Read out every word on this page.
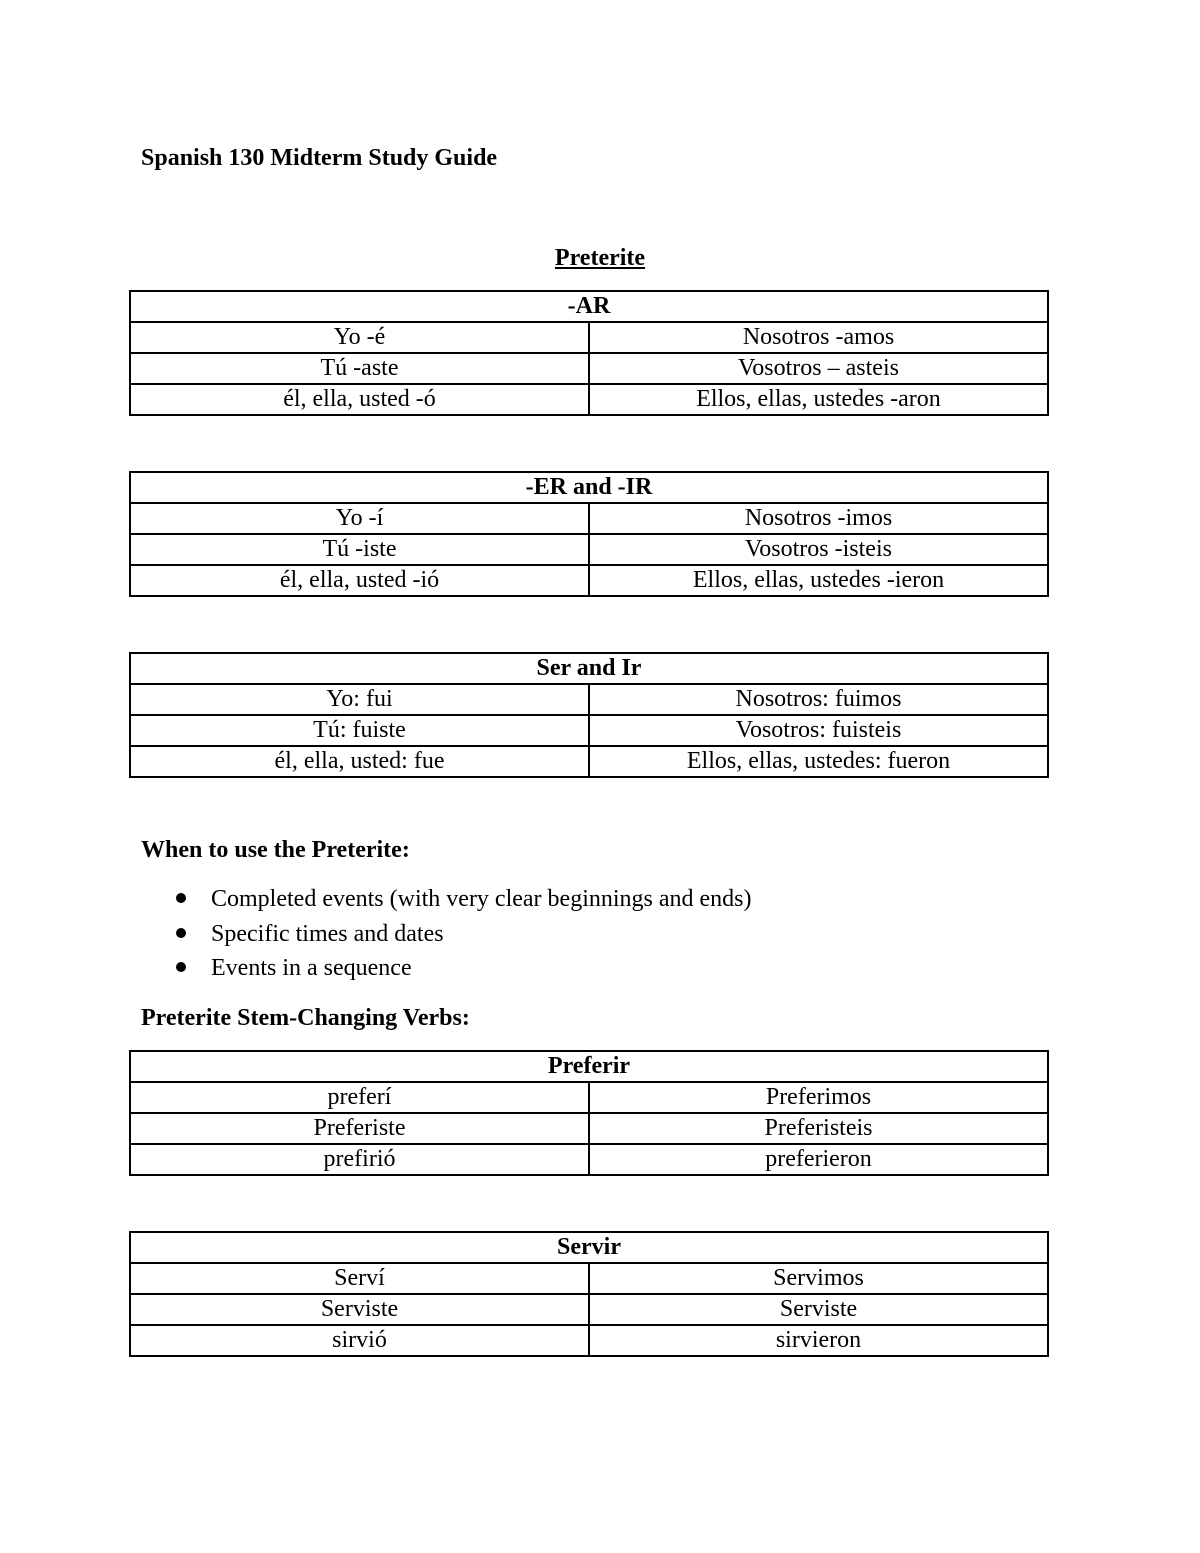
Spanish 130 Midterm Study Guide
Preterite
-AR	
Yo -é	Nosotros -amos
Tú -aste	Vosotros – asteis
él, ella, usted -ó	Ellos, ellas, ustedes -aron
-ER and -IR	
Yo -í	Nosotros -imos
Tú -iste	Vosotros -isteis
él, ella, usted -ió	Ellos, ellas, ustedes -ieron
Ser and Ir	
Yo: fui	Nosotros: fuimos
Tú: fuiste	Vosotros: fuisteis
él, ella, usted: fue	Ellos, ellas, ustedes: fueron
When to use the Preterite:
Completed events (with very clear beginnings and ends)
Specific times and dates
Events in a sequence
Preterite Stem-Changing Verbs:
Preferir	
preferí	Preferimos
Preferiste	Preferisteis
prefirió	preferieron
Servir	
Serví	Servimos
Serviste	Serviste
sirvió	sirvieron
